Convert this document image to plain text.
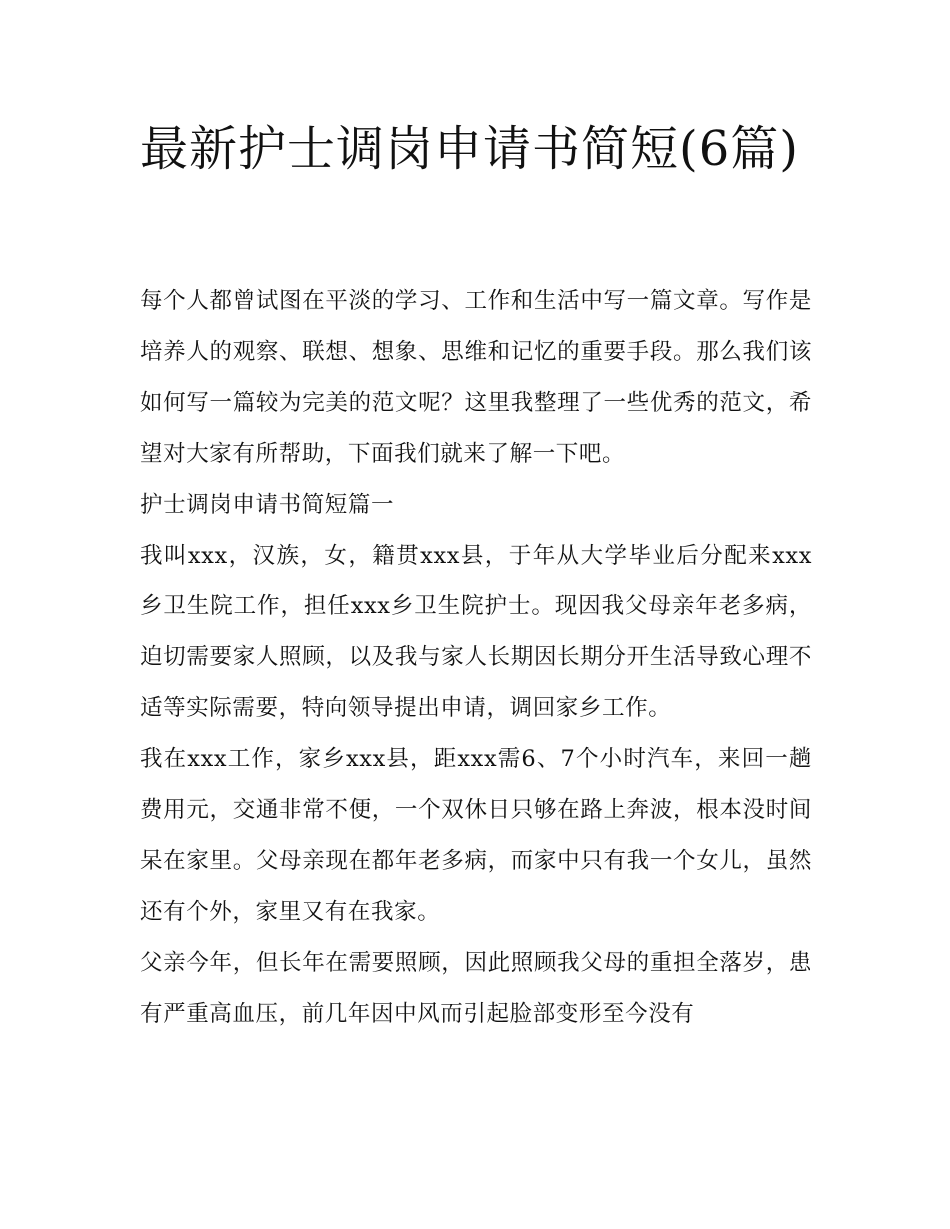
最新护士调岗申请书简短(6篇)

每个人都曾试图在平淡的学习、工作和生活中写一篇文章。写作是培养人的观察、联想、想象、思维和记忆的重要手段。那么我们该如何写一篇较为完美的范文呢？这里我整理了一些优秀的范文，希望对大家有所帮助，下面我们就来了解一下吧。

护士调岗申请书简短篇一

我叫xxx，汉族，女，籍贯xxx县，于年从大学毕业后分配来xxx乡卫生院工作，担任xxx乡卫生院护士。现因我父母亲年老多病，迫切需要家人照顾，以及我与家人长期因长期分开生活导致心理不适等实际需要，特向领导提出申请，调回家乡工作。

我在xxx工作，家乡xxx县，距xxx需6、7个小时汽车，来回一趟费用元，交通非常不便，一个双休日只够在路上奔波，根本没时间呆在家里。父母亲现在都年老多病，而家中只有我一个女儿，虽然还有个外，家里又有在我家。

父亲今年，但长年在需要照顾，因此照顾我父母的重担全落岁，患有严重高血压，前几年因中风而引起脸部变形至今没有
